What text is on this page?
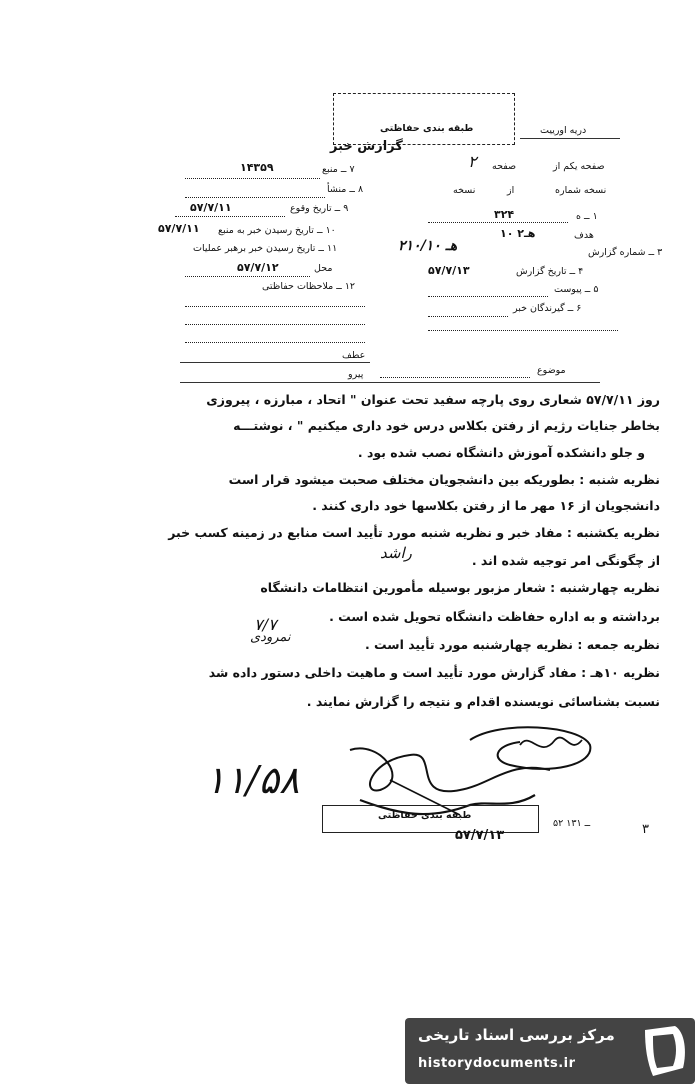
طبقه بندی حفاظتی
گزارش خبر
دریه اورییت
۷ ــ منبع
۱۴۳۵۹
۸ ــ منشأ
۹ ــ تاریخ وقوع
۵۷/۷/۱۱
۱۰ ــ تاریخ رسیدن خبر به منبع
۵۷/۷/۱۱
۱۱ ــ تاریخ رسیدن خبر برهبر عملیات
محل
۵۷/۷/۱۲
۱۲ ــ ملاحظات حفاظتی
صفحه یکم از
صفحه
۲
نسخه شماره
از
نسخه
۱ ــ ه
۳۲۴
هدف
۱۰ ۲هـ
۳ ــ شماره گزارش
۲هـ ۱۰/۱۰
۴ ــ تاریخ گزارش
۵۷/۷/۱۳
۵ ــ پیوست
۶ ــ گیرندگان خبر
عطف
پیرو	موضوع
روز ۵۷/۷/۱۱ شعاری روی پارچه سفید تحت عنوان " اتحاد ، مبارزه ، پیروزی
بخاطر جنایات رژیم از رفتن بکلاس درس خود داری میکنیم " ، نوشتـــه
و جلو دانشکده آموزش دانشگاه نصب شده بود .
نظریه شنبه : بطوریکه بین دانشجویان مختلف صحبت میشود قرار است
دانشجویان از ۱۶ مهر ما از رفتن بکلاسها خود داری کنند .
نظریه یکشنبه : مفاد خبر و نظریه شنبه مورد تأیید است منابع در زمینه کسب خبر
از چگونگی امر توجیه شده اند .
نظریه چهارشنبه : شعار مزبور بوسیله مأمورین انتظامات دانشگاه
برداشته و به اداره حفاظت دانشگاه تحویل شده است .
نظریه جمعه : نظریه چهارشنبه مورد تأیید است .
نظریه ۱۰هـ : مفاد گزارش مورد تأیید است و ماهیت داخلی دستور داده شد
نسبت بشناسائی نویسنده اقدام و نتیجه را گزارش نمایند .
راشد
۷/۷
نمرودی
۱۱/۵۸
طبقه بندی حفاظتی
۵۷/۷/۱۳
۵۲ ــ ۱۳۱	۳
مرکز بررسی اسناد تاریخی
historydocuments.ir
